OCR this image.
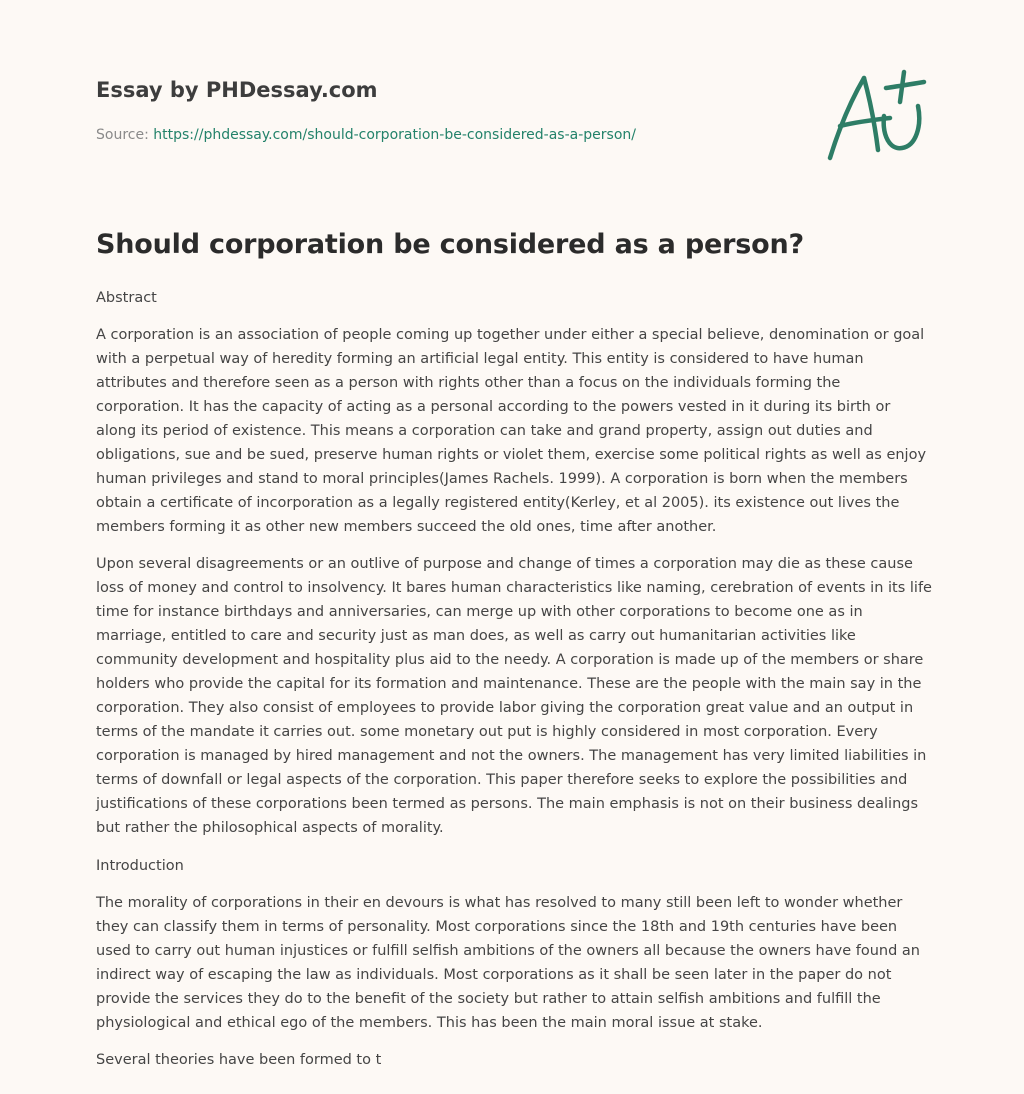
Essay by PHDessay.com
Source: https://phdessay.com/should-corporation-be-considered-as-a-person/
Should corporation be considered as a person?
Abstract

A corporation is an association of people coming up together under either a special believe, denomination or goal with a perpetual way of heredity forming an artificial legal entity. This entity is considered to have human attributes and therefore seen as a person with rights other than a focus on the individuals forming the corporation. It has the capacity of acting as a personal according to the powers vested in it during its birth or along its period of existence. This means a corporation can take and grand property, assign out duties and obligations, sue and be sued, preserve human rights or violet them, exercise some political rights as well as enjoy human privileges and stand to moral principles(James Rachels. 1999). A corporation is born when the members obtain a certificate of incorporation as a legally registered entity(Kerley, et al 2005). its existence out lives the members forming it as other new members succeed the old ones, time after another.

Upon several disagreements or an outlive of purpose and change of times a corporation may die as these cause loss of money and control to insolvency. It bares human characteristics like naming, cerebration of events in its life time for instance birthdays and anniversaries, can merge up with other corporations to become one as in marriage, entitled to care and security just as man does, as well as carry out humanitarian activities like community development and hospitality plus aid to the needy. A corporation is made up of the members or share holders who provide the capital for its formation and maintenance. These are the people with the main say in the corporation. They also consist of employees to provide labor giving the corporation great value and an output in terms of the mandate it carries out. some monetary out put is highly considered in most corporation. Every corporation is managed by hired management and not the owners. The management has very limited liabilities in terms of downfall or legal aspects of the corporation. This paper therefore seeks to explore the possibilities and justifications of these corporations been termed as persons. The main emphasis is not on their business dealings but rather the philosophical aspects of morality.

Introduction

The morality of corporations in their en devours is what has resolved to many still been left to wonder whether they can classify them in terms of personality. Most corporations since the 18th and 19th centuries have been used to carry out human injustices or fulfill selfish ambitions of the owners all because the owners have found an indirect way of escaping the law as individuals. Most corporations as it shall be seen later in the paper do not provide the services they do to the benefit of the society but rather to attain selfish ambitions and fulfill the physiological and ethical ego of the members. This has been the main moral issue at stake.

Several theories have been formed to t
